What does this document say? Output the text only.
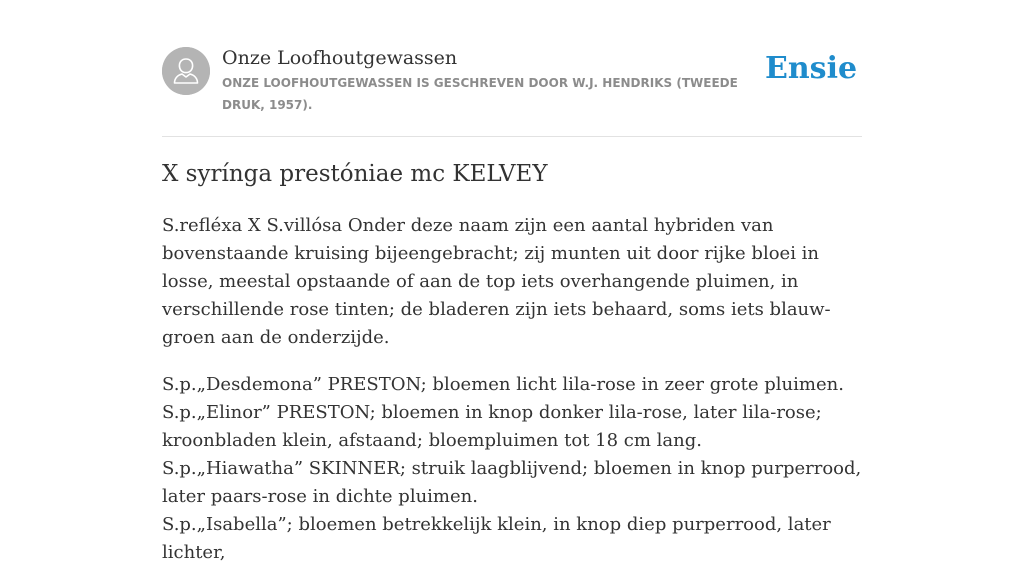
Onze Loofhoutgewassen
ONZE LOOFHOUTGEWASSEN IS GESCHREVEN DOOR W.J. HENDRIKS (TWEEDE DRUK, 1957).
Ensie
X syrínga prestóniae mc KELVEY

S.refléxa X S.villósa Onder deze naam zijn een aantal hybriden van bovenstaande kruising bijeengebracht; zij munten uit door rijke bloei in losse, meestal opstaande of aan de top iets overhangende pluimen, in verschillende rose tinten; de bladeren zijn iets behaard, soms iets blauw-groen aan de onderzijde.

S.p.„Desdemona” PRESTON; bloemen licht lila-rose in zeer grote pluimen.
S.p.„Elinor” PRESTON; bloemen in knop donker lila-rose, later lila-rose; kroonbladen klein, afstaand; bloempluimen tot 18 cm lang.
S.p.„Hiawatha” SKINNER; struik laagblijvend; bloemen in knop purperrood, later paars-rose in dichte pluimen.
S.p.„Isabella”; bloemen betrekkelijk klein, in knop diep purperrood, later lichter,
